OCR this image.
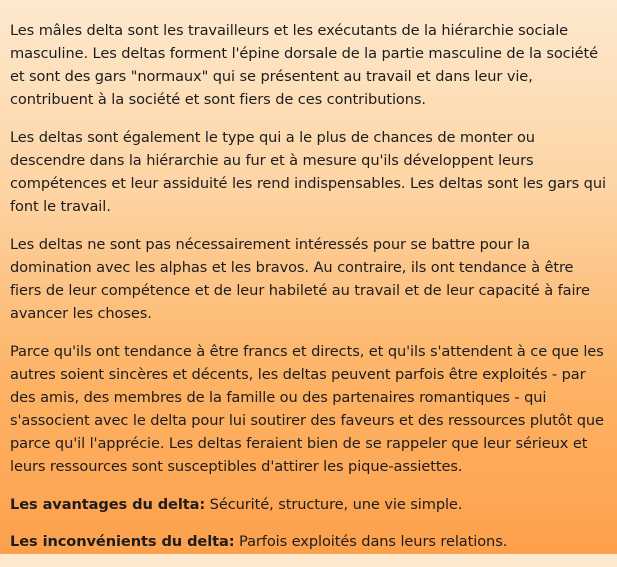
Les mâles delta sont les travailleurs et les exécutants de la hiérarchie sociale masculine. Les deltas forment l'épine dorsale de la partie masculine de la société et sont des gars "normaux" qui se présentent au travail et dans leur vie, contribuent à la société et sont fiers de ces contributions.

Les deltas sont également le type qui a le plus de chances de monter ou descendre dans la hiérarchie au fur et à mesure qu'ils développent leurs compétences et leur assiduité les rend indispensables. Les deltas sont les gars qui font le travail.

Les deltas ne sont pas nécessairement intéressés pour se battre pour la domination avec les alphas et les bravos. Au contraire, ils ont tendance à être fiers de leur compétence et de leur habileté au travail et de leur capacité à faire avancer les choses.

Parce qu'ils ont tendance à être francs et directs, et qu'ils s'attendent à ce que les autres soient sincères et décents, les deltas peuvent parfois être exploités - par des amis, des membres de la famille ou des partenaires romantiques - qui s'associent avec le delta pour lui soutirer des faveurs et des ressources plutôt que parce qu'il l'apprécie. Les deltas feraient bien de se rappeler que leur sérieux et leurs ressources sont susceptibles d'attirer les pique-assiettes.

Les avantages du delta: Sécurité, structure, une vie simple.

Les inconvénients du delta: Parfois exploités dans leurs relations.
